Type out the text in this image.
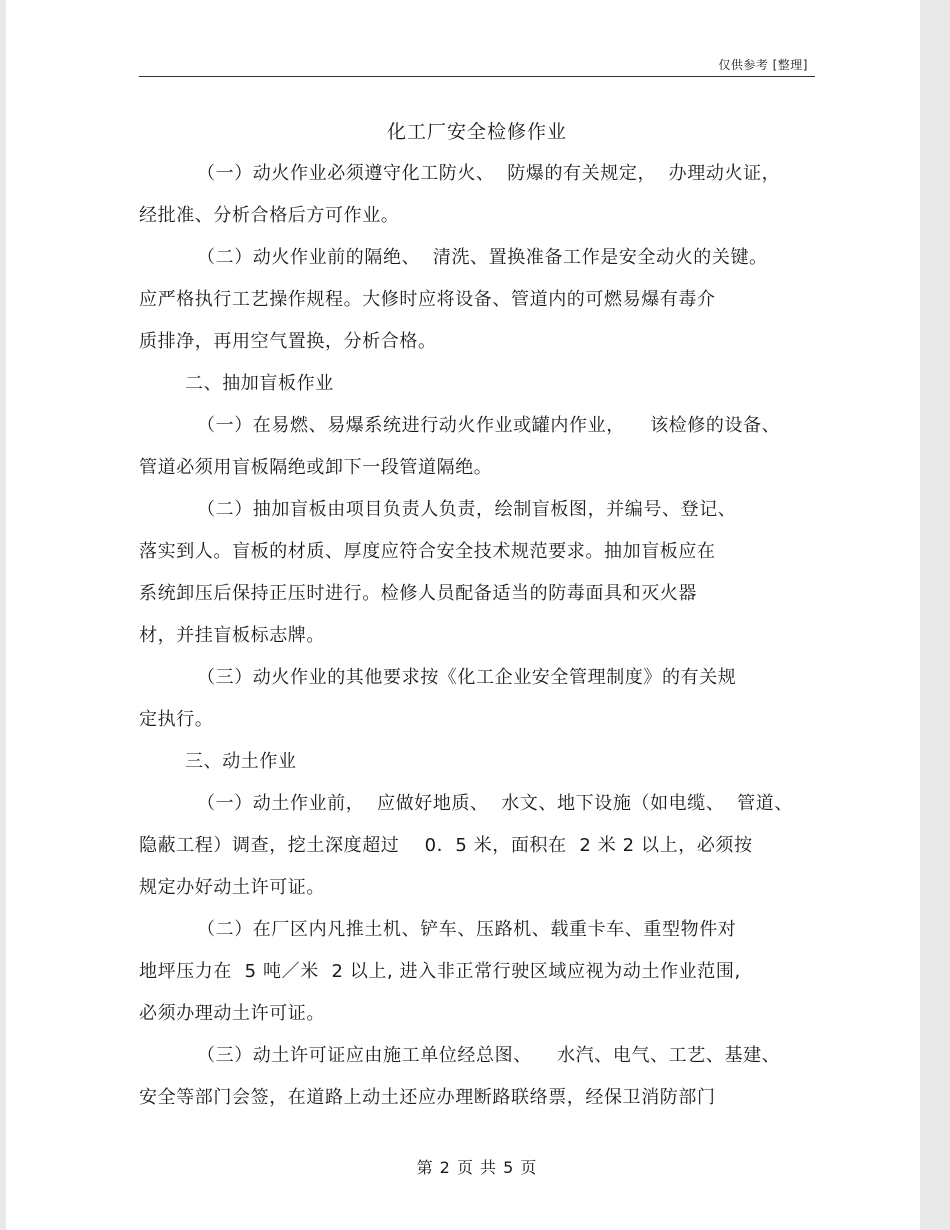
仅供参考 [整理]
化工厂安全检修作业
（一）动火作业必须遵守化工防火、  防爆的有关规定，  办理动火证，
经批准、分析合格后方可作业。
（二）动火作业前的隔绝、  清洗、置换准备工作是安全动火的关键。
应严格执行工艺操作规程。大修时应将设备、管道内的可燃易爆有毒介
质排净，再用空气置换，分析合格。
二、抽加盲板作业
（一）在易燃、易爆系统进行动火作业或罐内作业，    该检修的设备、
管道必须用盲板隔绝或卸下一段管道隔绝。
（二）抽加盲板由项目负责人负责，绘制盲板图，并编号、登记、
落实到人。盲板的材质、厚度应符合安全技术规范要求。抽加盲板应在
系统卸压后保持正压时进行。检修人员配备适当的防毒面具和灭火器
材，并挂盲板标志牌。
（三）动火作业的其他要求按《化工企业安全管理制度》的有关规
定执行。
三、动土作业
（一）动土作业前，  应做好地质、  水文、地下设施（如电缆、  管道、
隐蔽工程）调查，挖土深度超过    0．5 米，面积在  2 米 2 以上，必须按
规定办好动土许可证。
（二）在厂区内凡推土机、铲车、压路机、载重卡车、重型物件对
地坪压力在  5 吨／米  2 以上, 进入非正常行驶区域应视为动土作业范围,
必须办理动土许可证。
（三）动土许可证应由施工单位经总图、    水汽、电气、工艺、基建、
安全等部门会签，在道路上动土还应办理断路联络票，经保卫消防部门
第 2 页 共 5 页
